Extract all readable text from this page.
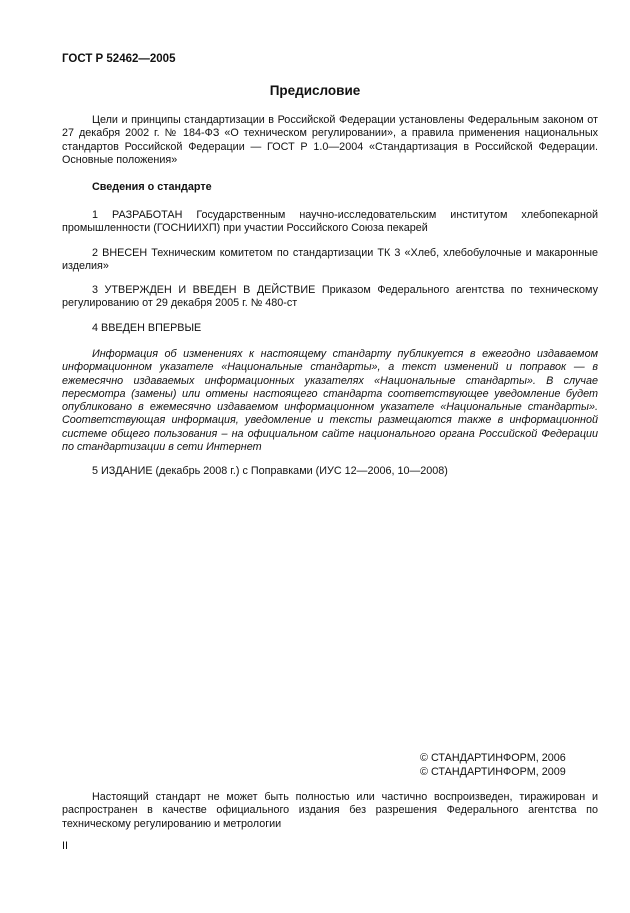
ГОСТ Р 52462—2005
Предисловие

Цели и принципы стандартизации в Российской Федерации установлены Федеральным законом от 27 декабря 2002 г. № 184-ФЗ «О техническом регулировании», а правила применения национальных стандартов Российской Федерации — ГОСТ Р 1.0—2004 «Стандартизация в Российской Федерации. Основные положения»

Сведения о стандарте

1 РАЗРАБОТАН Государственным научно-исследовательским институтом хлебопекарной промышленности (ГОСНИИХП) при участии Российского Союза пекарей

2 ВНЕСЕН Техническим комитетом по стандартизации ТК 3 «Хлеб, хлебобулочные и макаронные изделия»

3 УТВЕРЖДЕН И ВВЕДЕН В ДЕЙСТВИЕ Приказом Федерального агентства по техническому регулированию от 29 декабря 2005 г. № 480-ст

4 ВВЕДЕН ВПЕРВЫЕ

Информация об изменениях к настоящему стандарту публикуется в ежегодно издаваемом информационном указателе «Национальные стандарты», а текст изменений и поправок — в ежемесячно издаваемых информационных указателях «Национальные стандарты». В случае пересмотра (замены) или отмены настоящего стандарта соответствующее уведомление будет опубликовано в ежемесячно издаваемом информационном указателе «Национальные стандарты». Соответствующая информация, уведомление и тексты размещаются также в информационной системе общего пользования – на официальном сайте национального органа Российской Федерации по стандартизации в сети Интернет

5 ИЗДАНИЕ (декабрь 2008 г.) с Поправками (ИУС 12—2006, 10—2008)

© СТАНДАРТИНФОРМ, 2006
© СТАНДАРТИНФОРМ, 2009

Настоящий стандарт не может быть полностью или частично воспроизведен, тиражирован и распространен в качестве официального издания без разрешения Федерального агентства по техническому регулированию и метрологии

II
